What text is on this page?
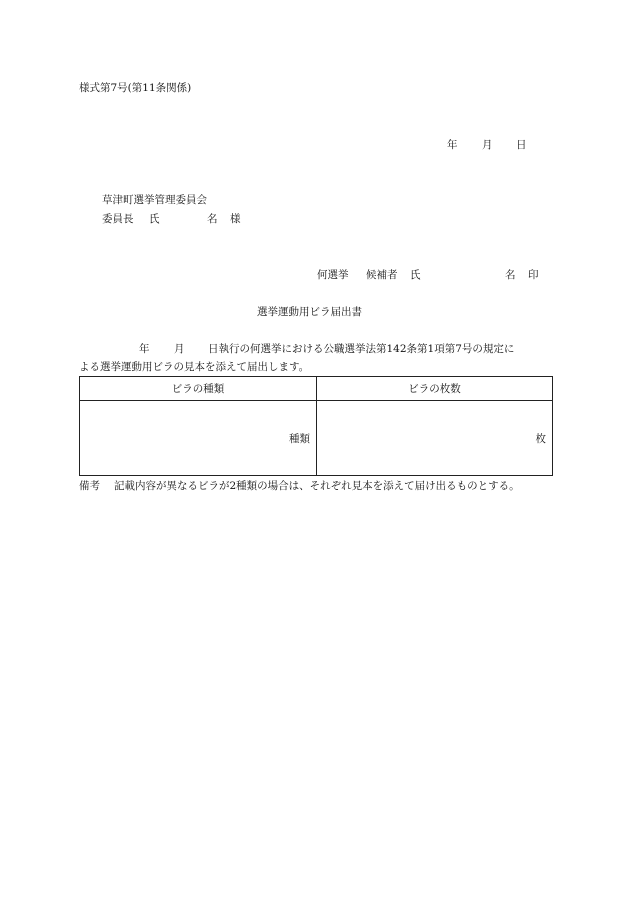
様式第7号(第11条関係)
年 月 日
草津町選挙管理委員会
委員長 氏	名 様
何選挙 候補者 氏	名 印
選挙運動用ビラ届出書
年 月 日執行の何選挙における公職選挙法第142条第1項第7号の規定に
よる選挙運動用ビラの見本を添えて届出します。
ビラの種類	ビラの枚数
種類	枚
備考 記載内容が異なるビラが2種類の場合は、それぞれ見本を添えて届け出るものとする。
